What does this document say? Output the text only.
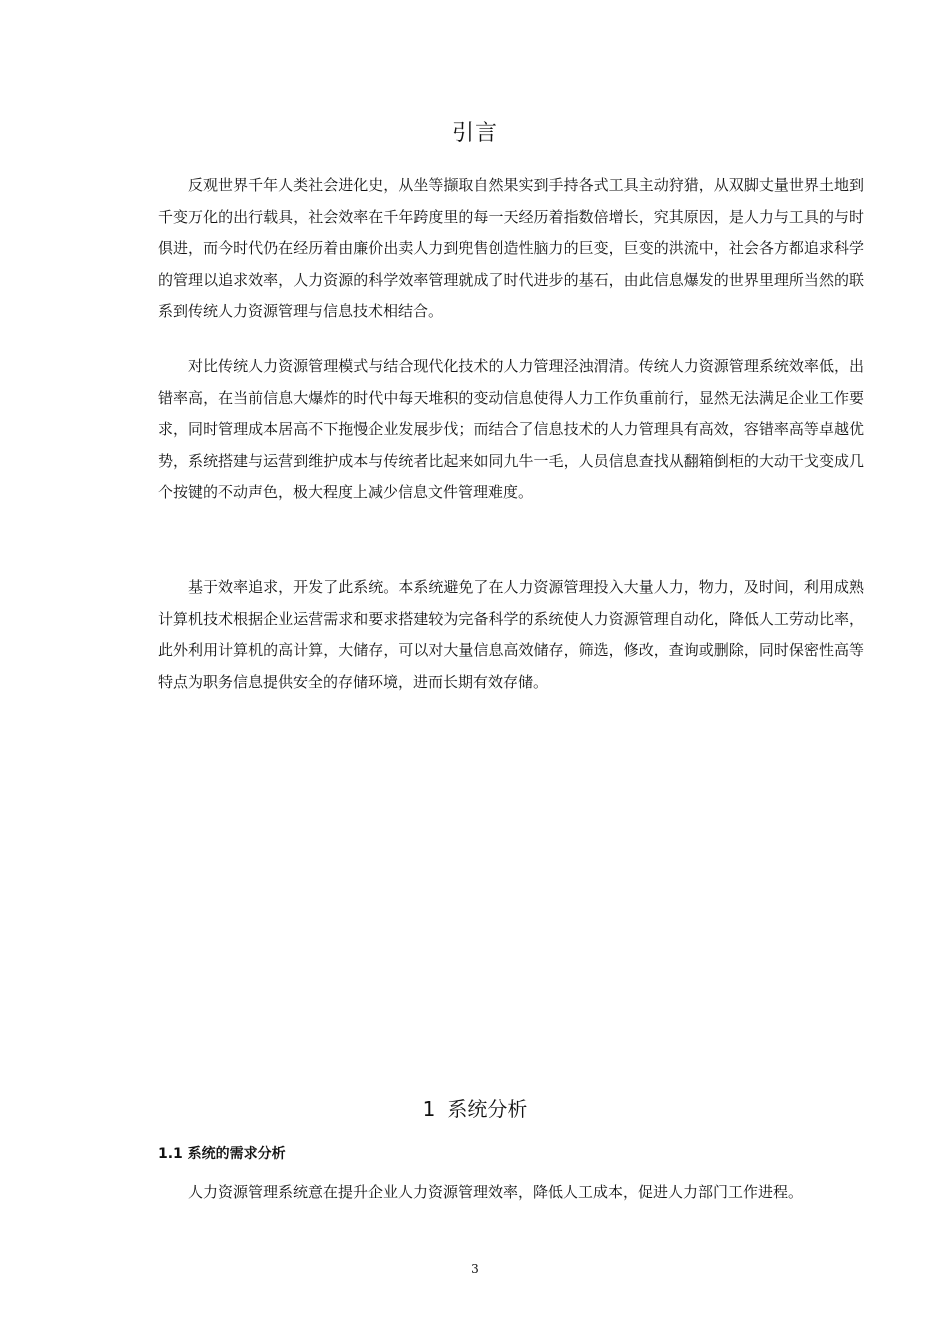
引言

反观世界千年人类社会进化史，从坐等撷取自然果实到手持各式工具主动狩猎，从双脚丈量世界土地到千变万化的出行载具，社会效率在千年跨度里的每一天经历着指数倍增长，究其原因，是人力与工具的与时俱进，而今时代仍在经历着由廉价出卖人力到兜售创造性脑力的巨变，巨变的洪流中，社会各方都追求科学的管理以追求效率，人力资源的科学效率管理就成了时代进步的基石，由此信息爆发的世界里理所当然的联系到传统人力资源管理与信息技术相结合。

对比传统人力资源管理模式与结合现代化技术的人力管理泾浊渭清。传统人力资源管理系统效率低，出错率高，在当前信息大爆炸的时代中每天堆积的变动信息使得人力工作负重前行，显然无法满足企业工作要求，同时管理成本居高不下拖慢企业发展步伐；而结合了信息技术的人力管理具有高效，容错率高等卓越优势，系统搭建与运营到维护成本与传统者比起来如同九牛一毛，人员信息查找从翻箱倒柜的大动干戈变成几个按键的不动声色，极大程度上减少信息文件管理难度。

基于效率追求，开发了此系统。本系统避免了在人力资源管理投入大量人力，物力，及时间，利用成熟计算机技术根据企业运营需求和要求搭建较为完备科学的系统使人力资源管理自动化，降低人工劳动比率，此外利用计算机的高计算，大储存，可以对大量信息高效储存，筛选，修改，查询或删除，同时保密性高等特点为职务信息提供安全的存储环境，进而长期有效存储。

1 系统分析
1.1 系统的需求分析

人力资源管理系统意在提升企业人力资源管理效率，降低人工成本，促进人力部门工作进程。

3
